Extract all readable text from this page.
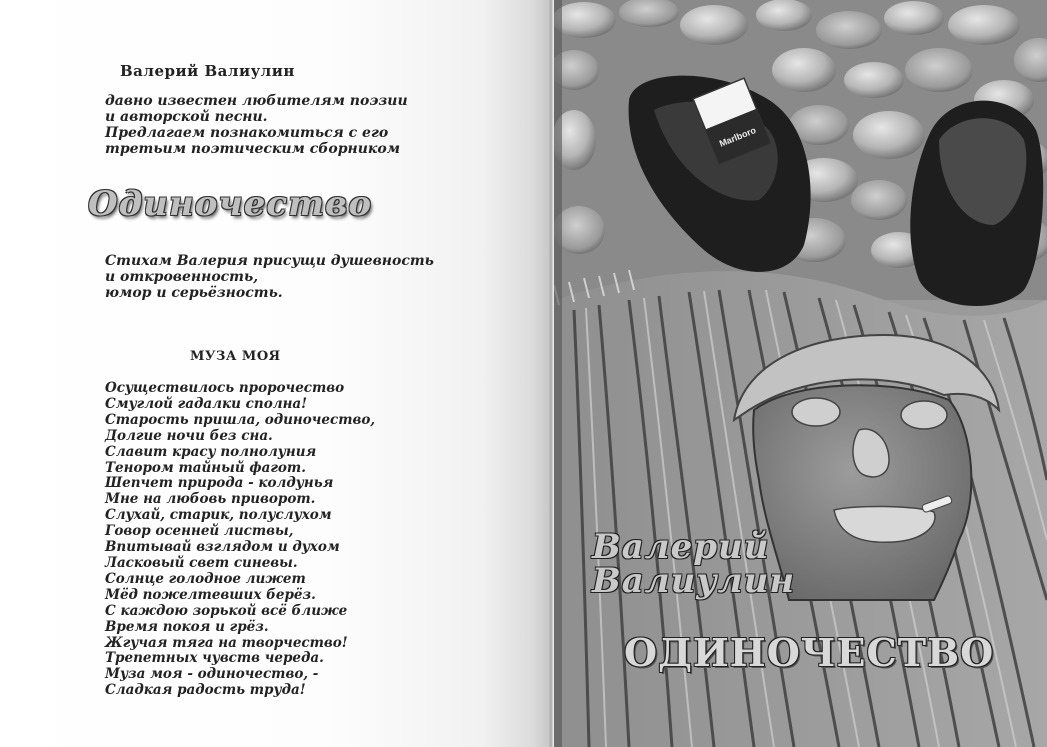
Валерий Валиулин
давно известен любителям поэзии
и авторской песни.
Предлагаем познакомиться с его
третьим поэтическим сборником
Одиночество
Стихам Валерия присущи душевность
и откровенность,
юмор и серьёзность.
МУЗА МОЯ
Осуществилось пророчество
Смуглой гадалки сполна!
Старость пришла, одиночество,
Долгие ночи без сна.
Славит красу полнолуния
Тенором тайный фагот.
Шепчет природа - колдунья
Мне на любовь приворот.
Слухай, старик, полуслухом
Говор осенней листвы,
Впитывай взглядом и духом
Ласковый свет синевы.
Солнце голодное лижет
Мёд пожелтевших берёз.
С каждою зорькой всё ближе
Время покоя и грёз.
Жгучая тяга на творчество!
Трепетных чувств череда.
Муза моя - одиночество, -
Сладкая радость труда!
Marlboro
Валерий
Валиулин
ОДИНОЧЕСТВО
